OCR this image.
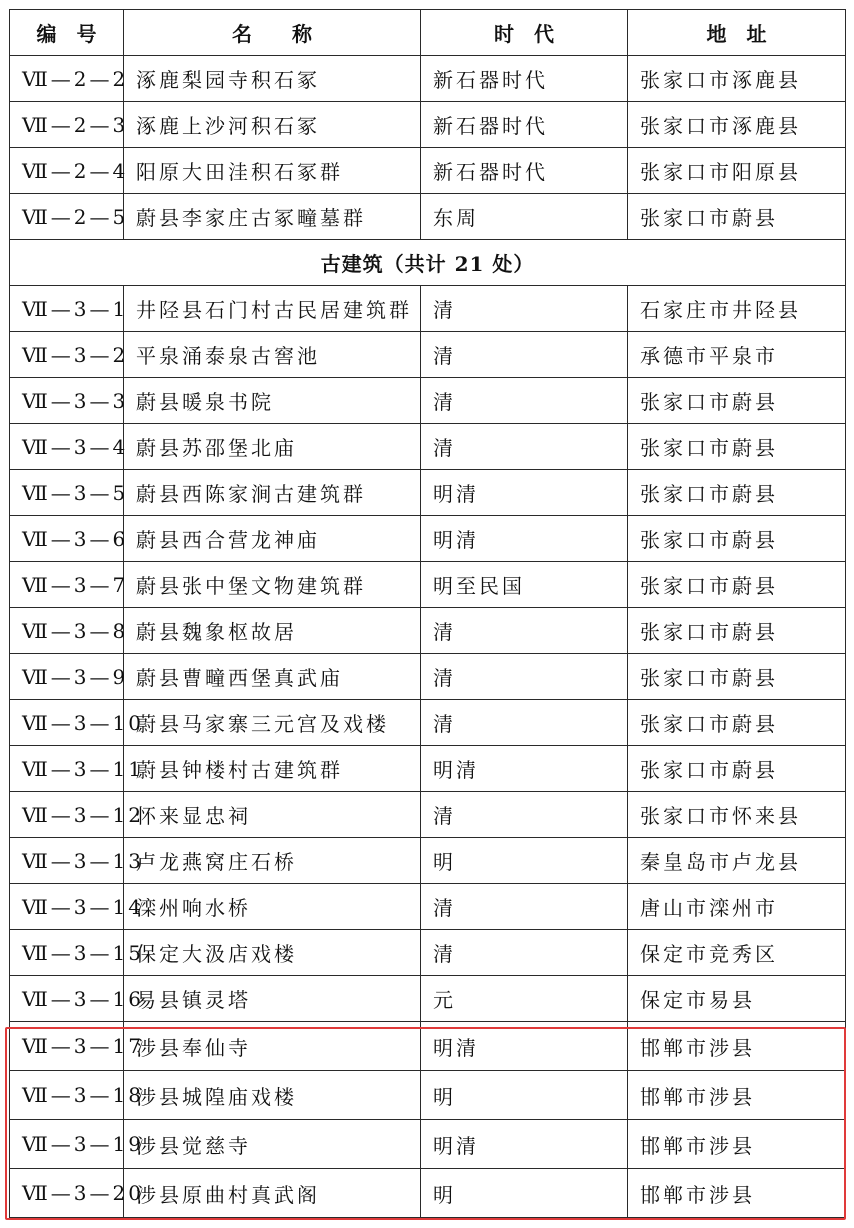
编　号	名　　称	时　代	地　址
Ⅶ—2—2	涿鹿梨园寺积石冢	新石器时代	张家口市涿鹿县
Ⅶ—2—3	涿鹿上沙河积石冢	新石器时代	张家口市涿鹿县
Ⅶ—2—4	阳原大田洼积石冢群	新石器时代	张家口市阳原县
Ⅶ—2—5	蔚县李家庄古冢疃墓群	东周	张家口市蔚县
古建筑（共计 21 处）			
Ⅶ—3—1	井陉县石门村古民居建筑群	清	石家庄市井陉县
Ⅶ—3—2	平泉涌泰泉古窖池	清	承德市平泉市
Ⅶ—3—3	蔚县暖泉书院	清	张家口市蔚县
Ⅶ—3—4	蔚县苏邵堡北庙	清	张家口市蔚县
Ⅶ—3—5	蔚县西陈家涧古建筑群	明清	张家口市蔚县
Ⅶ—3—6	蔚县西合营龙神庙	明清	张家口市蔚县
Ⅶ—3—7	蔚县张中堡文物建筑群	明至民国	张家口市蔚县
Ⅶ—3—8	蔚县魏象枢故居	清	张家口市蔚县
Ⅶ—3—9	蔚县曹疃西堡真武庙	清	张家口市蔚县
Ⅶ—3—10	蔚县马家寨三元宫及戏楼	清	张家口市蔚县
Ⅶ—3—11	蔚县钟楼村古建筑群	明清	张家口市蔚县
Ⅶ—3—12	怀来显忠祠	清	张家口市怀来县
Ⅶ—3—13	卢龙燕窝庄石桥	明	秦皇岛市卢龙县
Ⅶ—3—14	滦州响水桥	清	唐山市滦州市
Ⅶ—3—15	保定大汲店戏楼	清	保定市竞秀区
Ⅶ—3—16	易县镇灵塔	元	保定市易县
Ⅶ—3—17	涉县奉仙寺	明清	邯郸市涉县
Ⅶ—3—18	涉县城隍庙戏楼	明	邯郸市涉县
Ⅶ—3—19	涉县觉慈寺	明清	邯郸市涉县
Ⅶ—3—20	涉县原曲村真武阁	明	邯郸市涉县
